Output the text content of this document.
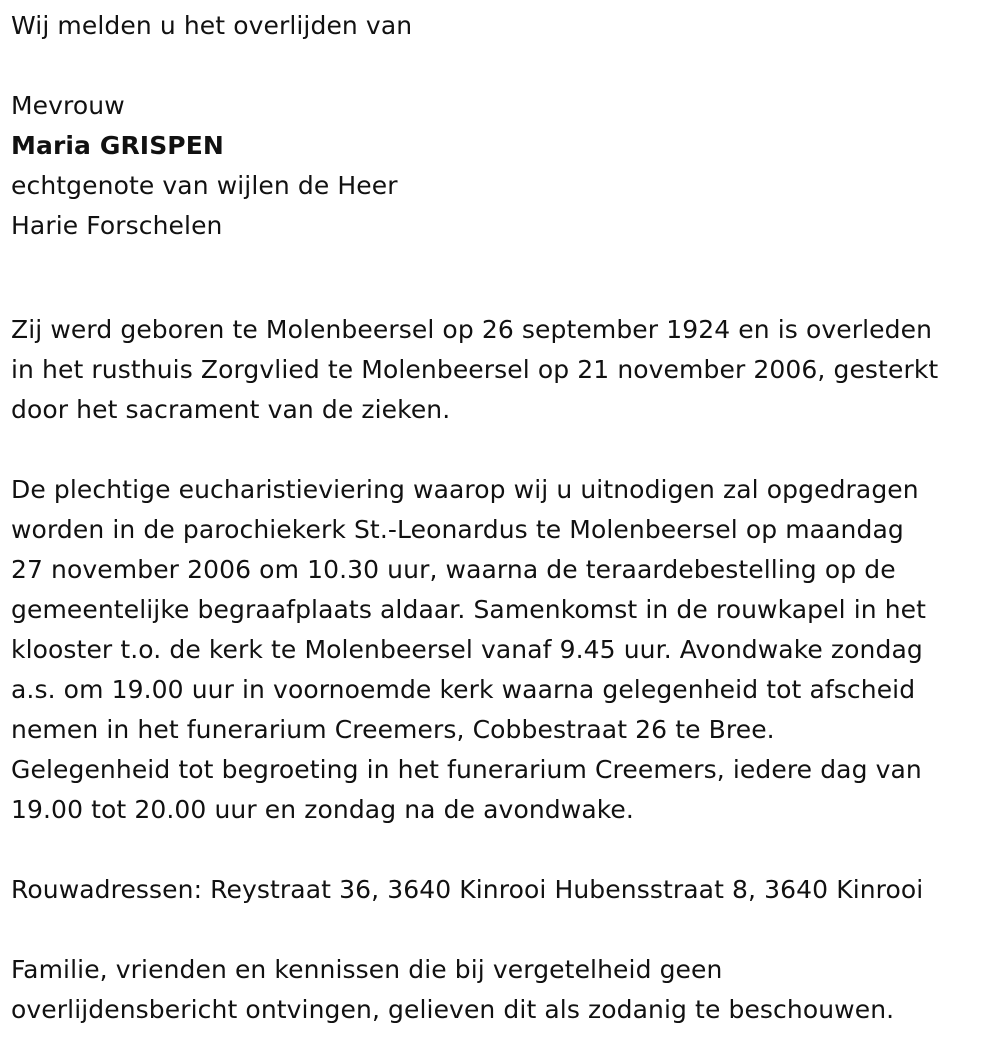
Wij melden u het overlijden van

Mevrouw

Maria GRISPEN

echtgenote van wijlen de Heer

Harie Forschelen

Zij werd geboren te Molenbeersel op 26 september 1924 en is overleden

in het rusthuis Zorgvlied te Molenbeersel op 21 november 2006, gesterkt

door het sacrament van de zieken.

De plechtige eucharistieviering waarop wij u uitnodigen zal opgedragen

worden in de parochiekerk St.-Leonardus te Molenbeersel op maandag

27 november 2006 om 10.30 uur, waarna de teraardebestelling op de

gemeentelijke begraafplaats aldaar. Samenkomst in de rouwkapel in het

klooster t.o. de kerk te Molenbeersel vanaf 9.45 uur. Avondwake zondag

a.s. om 19.00 uur in voornoemde kerk waarna gelegenheid tot afscheid

nemen in het funerarium Creemers, Cobbestraat 26 te Bree.

Gelegenheid tot begroeting in het funerarium Creemers, iedere dag van

19.00 tot 20.00 uur en zondag na de avondwake.

Rouwadressen: Reystraat 36, 3640 Kinrooi Hubensstraat 8, 3640 Kinrooi

Familie, vrienden en kennissen die bij vergetelheid geen

overlijdensbericht ontvingen, gelieven dit als zodanig te beschouwen.
